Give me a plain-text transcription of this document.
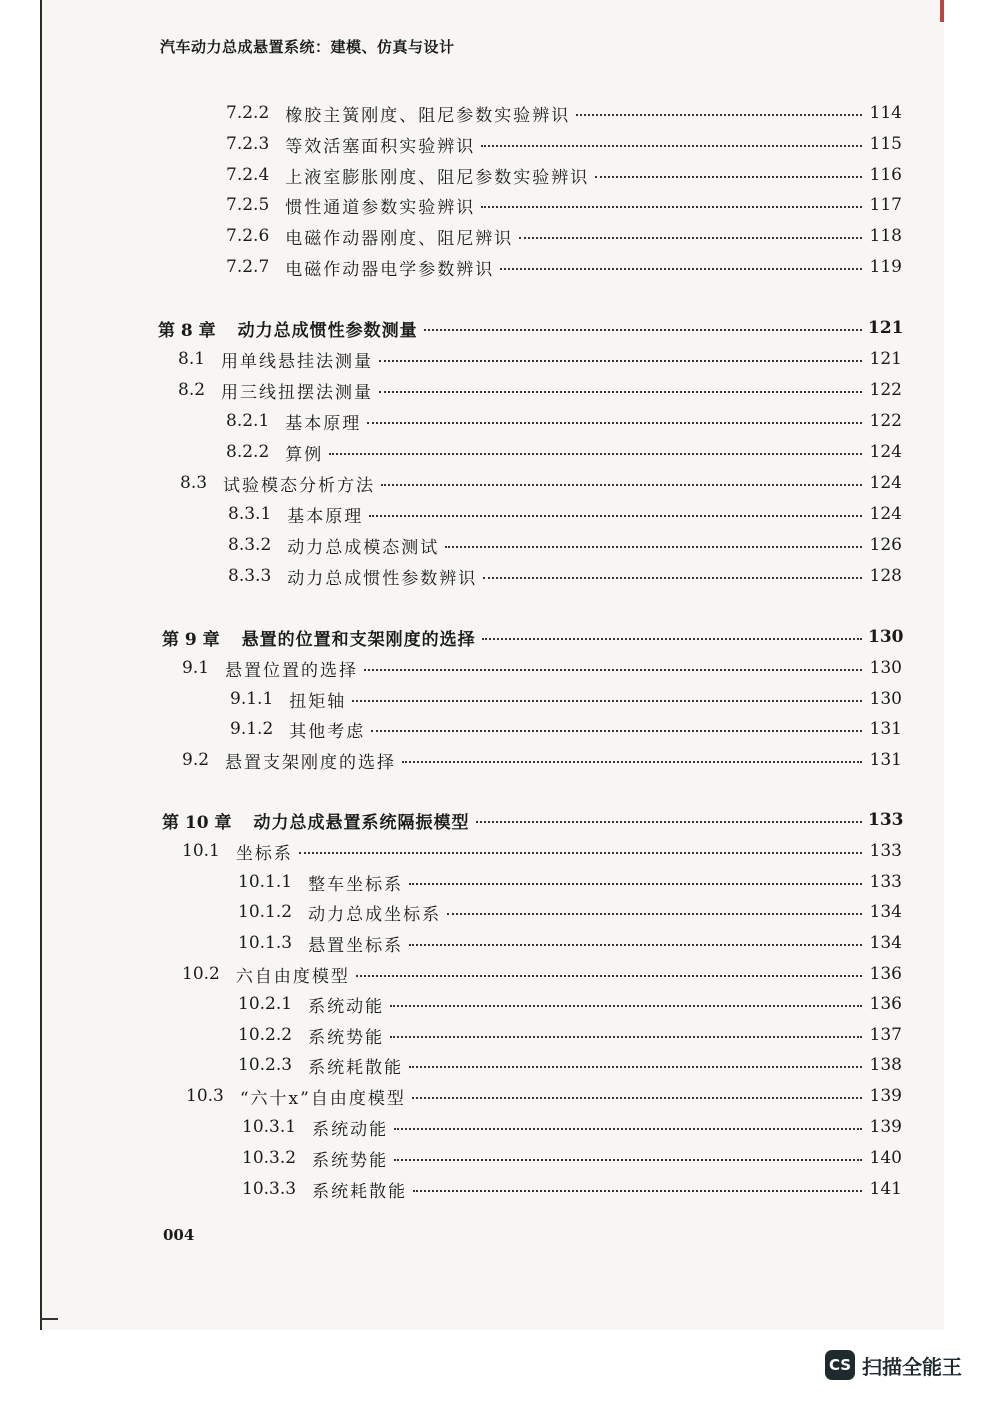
汽车动力总成悬置系统：建模、仿真与设计
7.2.2 橡胶主簧刚度、阻尼参数实验辨识	114
7.2.3 等效活塞面积实验辨识	115
7.2.4 上液室膨胀刚度、阻尼参数实验辨识	116
7.2.5 惯性通道参数实验辨识	117
7.2.6 电磁作动器刚度、阻尼辨识	118
7.2.7 电磁作动器电学参数辨识	119
第 8 章 动力总成惯性参数测量	121
8.1 用单线悬挂法测量	121
8.2 用三线扭摆法测量	122
8.2.1 基本原理	122
8.2.2 算例	124
8.3 试验模态分析方法	124
8.3.1 基本原理	124
8.3.2 动力总成模态测试	126
8.3.3 动力总成惯性参数辨识	128
第 9 章 悬置的位置和支架刚度的选择	130
9.1 悬置位置的选择	130
9.1.1 扭矩轴	130
9.1.2 其他考虑	131
9.2 悬置支架刚度的选择	131
第 10 章 动力总成悬置系统隔振模型	133
10.1 坐标系	133
10.1.1 整车坐标系	133
10.1.2 动力总成坐标系	134
10.1.3 悬置坐标系	134
10.2 六自由度模型	136
10.2.1 系统动能	136
10.2.2 系统势能	137
10.2.3 系统耗散能	138
10.3 “六十x”自由度模型	139
10.3.1 系统动能	139
10.3.2 系统势能	140
10.3.3 系统耗散能	141
004
CS 扫描全能王
